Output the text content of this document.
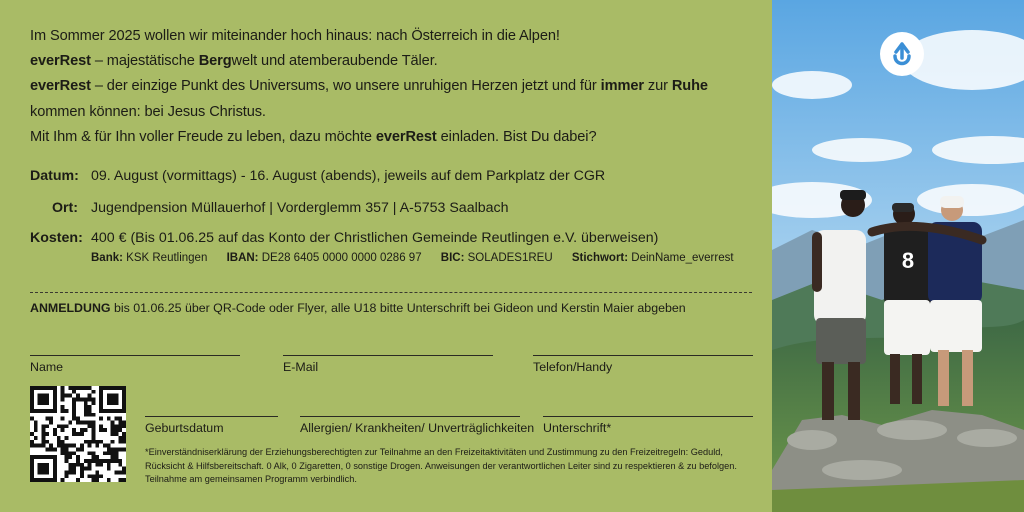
Im Sommer 2025 wollen wir miteinander hoch hinaus: nach Österreich in die Alpen!
everRest – majestätische Bergwelt und atemberaubende Täler.
everRest – der einzige Punkt des Universums, wo unsere unruhigen Herzen jetzt und für immer zur Ruhe
kommen können: bei Jesus Christus.
Mit Ihm & für Ihn voller Freude zu leben, dazu möchte everRest einladen. Bist Du dabei?
Datum: 09. August (vormittags) - 16. August (abends), jeweils auf dem Parkplatz der CGR
Ort: Jugendpension Müllauerhof | Vorderglemm 357 | A-5753 Saalbach
Kosten: 400 € (Bis 01.06.25 auf das Konto der Christlichen Gemeinde Reutlingen e.V. überweisen)
Bank: KSK Reutlingen IBAN: DE28 6405 0000 0000 0286 97 BIC: SOLADES1REU Stichwort: DeinName_everrest
ANMELDUNG bis 01.06.25 über QR-Code oder Flyer, alle U18 bitte Unterschrift bei Gideon und Kerstin Maier abgeben
Name	E-Mail	Telefon/Handy
Geburtsdatum	Allergien/ Krankheiten/ Unverträglichkeiten Unterschrift*
*Einverständniserklärung der Erziehungsberechtigten zur Teilnahme an den Freizeitaktivitäten und Zustimmung zu den Freizeitregeln: Geduld, Rücksicht & Hilfsbereitschaft. 0 Alk, 0 Zigaretten, 0 sonstige Drogen. Anweisungen der verantwortlichen Leiter sind zu respektieren & zu befolgen. Teilnahme am gemeinsamen Programm verbindlich.
8
